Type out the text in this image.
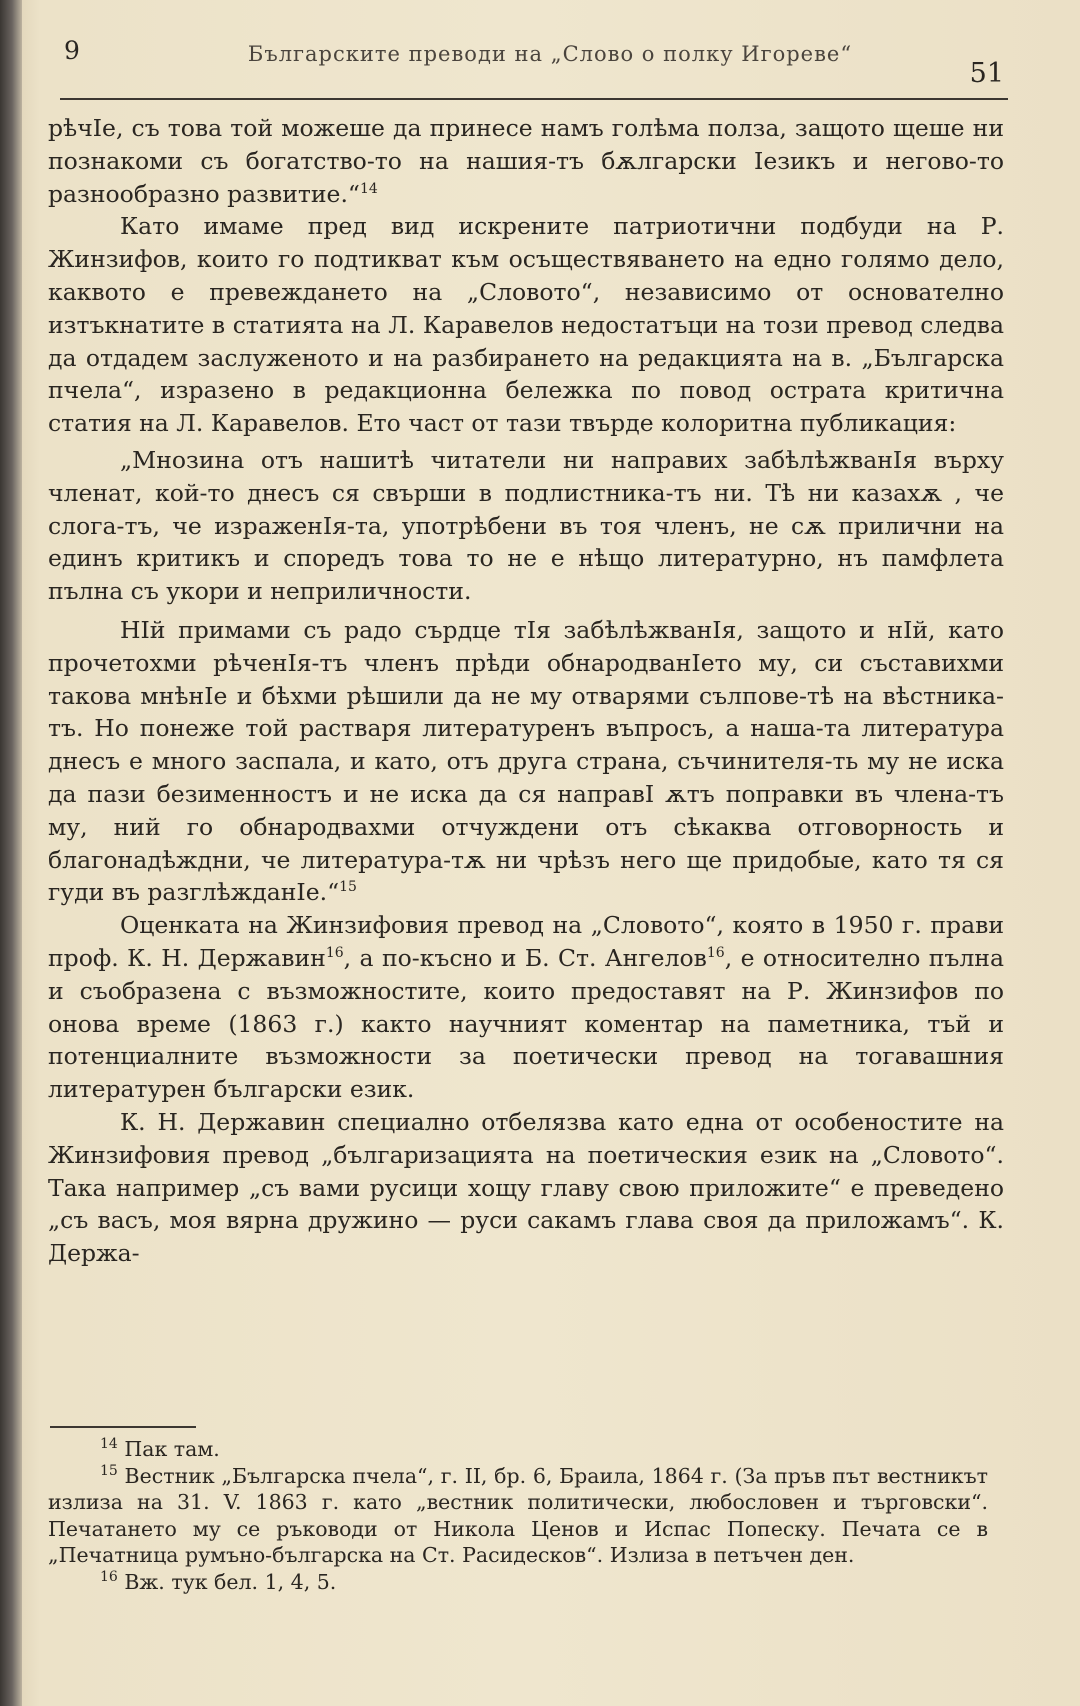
9	Българските преводи на „Слово о полку Игореве“
51

рѣчІе, съ това той можеше да принесе намъ голѣма полза, защото щеше ни познакоми съ богатство-то на нашия-тъ бѫлгарски Іезикъ и негово-то разнообразно развитие.“$^{14}$

Като имаме пред вид искрените патриотични подбуди на Р. Жинзифов, които го подтикват към осъществяването на едно голямо дело, каквото е превеждането на „Словото“, независимо от основателно изтъкнатите в статията на Л. Каравелов недостатъци на този превод следва да отдадем заслуженото и на разбирането на редакцията на в. „Българска пчела“, изразено в редакционна бележка по повод острата критична статия на Л. Каравелов. Ето част от тази твърде колоритна публикация:

„Мнозина отъ нашитѣ читатели ни направих забѣлѣжванІя върху членат, кой-то днесъ ся свърши в подлистника-тъ ни. Тѣ ни казахѫ , че слога-тъ, че израженІя-та, употрѣбени въ тоя членъ, не сѫ прилични на единъ критикъ и споредъ това то не е нѣщо литературно, нъ памфлета пълна съ укори и неприличности.

НІй примами съ радо сърдце тІя забѣлѣжванІя, защото и нІй, като прочетохми рѣченІя-тъ членъ прѣди обнародванІето му, си съставихми такова мнѣнІе и бѣхми рѣшили да не му отварями сълпове-тѣ на вѣстника-тъ. Но понеже той растваря литературенъ въпросъ, а наша-та литература днесъ е много заспала, и като, отъ друга страна, съчинителя-ть му не иска да пази безименностъ и не иска да ся направІ ѫтъ поправки въ члена-тъ му, ний го обнародвахми отчуждени отъ сѣкаква отговорность и благонадѣждни, че литература-тѫ ни чрѣзъ него ще придобые, като тя ся гуди въ разглѣжданІе.“$^{15}$

Оценката на Жинзифовия превод на „Словото“, която в 1950 г. прави проф. К. Н. Державин$^{16}$, а по-късно и Б. Ст. Ангелов$^{16}$, е относително пълна и съобразена с възможностите, които предоставят на Р. Жинзифов по онова време (1863 г.) както научният коментар на паметника, тъй и потенциалните възможности за поетически превод на тогавашния литературен български език.

К. Н. Державин специално отбелязва като една от особеностите на Жинзифовия превод „българизацията на поетическия език на „Словото“. Така например „съ вами русици хощу главу свою приложите“ е преведено „съ васъ, моя вярна дружино — руси сакамъ глава своя да приложамъ“. К. Держа-

$^{14}$ Пак там.

$^{15}$ Вестник „Българска пчела“, г. II, бр. 6, Браила, 1864 г. (За пръв път вестникът излиза на 31. V. 1863 г. като „вестник политически, любословен и търговски“. Печатането му се ръководи от Никола Ценов и Испас Попеску. Печата се в „Печатница румъно-българска на Ст. Расидесков“. Излиза в петъчен ден.

$^{16}$ Вж. тук бел. 1, 4, 5.
